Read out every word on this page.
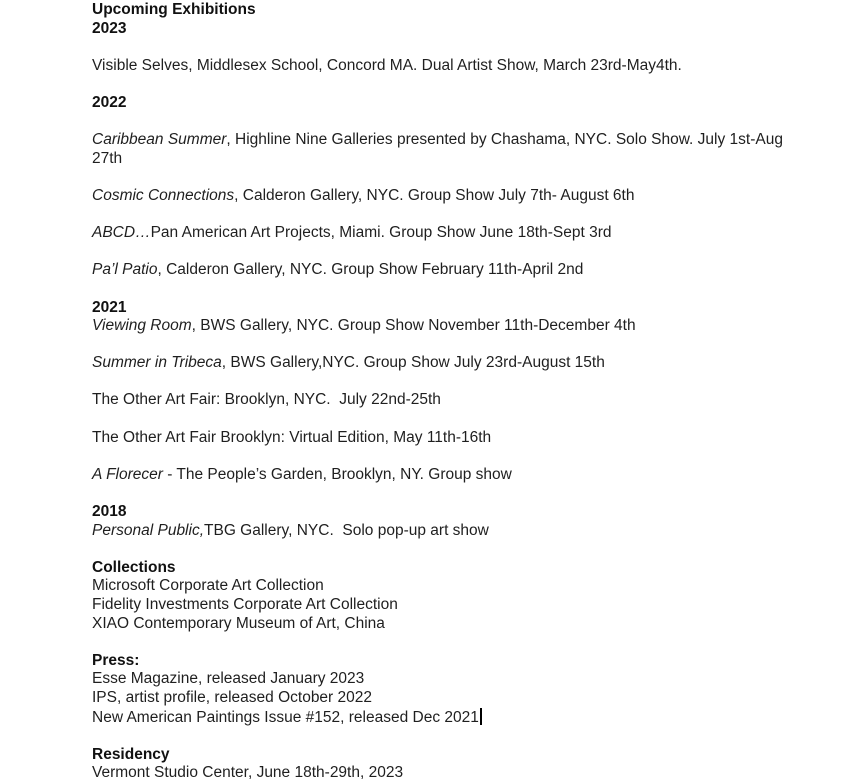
Upcoming Exhibitions
2023
Visible Selves, Middlesex School, Concord MA. Dual Artist Show, March 23rd-May4th.
2022
Caribbean Summer, Highline Nine Galleries presented by Chashama, NYC. Solo Show. July 1st-Aug 27th
Cosmic Connections, Calderon Gallery, NYC. Group Show July 7th- August 6th
ABCD…Pan American Art Projects, Miami. Group Show June 18th-Sept 3rd
Pa’l Patio, Calderon Gallery, NYC. Group Show February 11th-April 2nd
2021
Viewing Room, BWS Gallery, NYC. Group Show November 11th-December 4th
Summer in Tribeca, BWS Gallery,NYC. Group Show July 23rd-August 15th
The Other Art Fair: Brooklyn, NYC.  July 22nd-25th
The Other Art Fair Brooklyn: Virtual Edition, May 11th-16th
A Florecer - The People’s Garden, Brooklyn, NY. Group show
2018
Personal Public,TBG Gallery, NYC.  Solo pop-up art show
Collections
Microsoft Corporate Art Collection
Fidelity Investments Corporate Art Collection
XIAO Contemporary Museum of Art, China
Press:
Esse Magazine, released January 2023
IPS, artist profile, released October 2022
New American Paintings Issue #152, released Dec 2021
Residency
Vermont Studio Center, June 18th-29th, 2023
